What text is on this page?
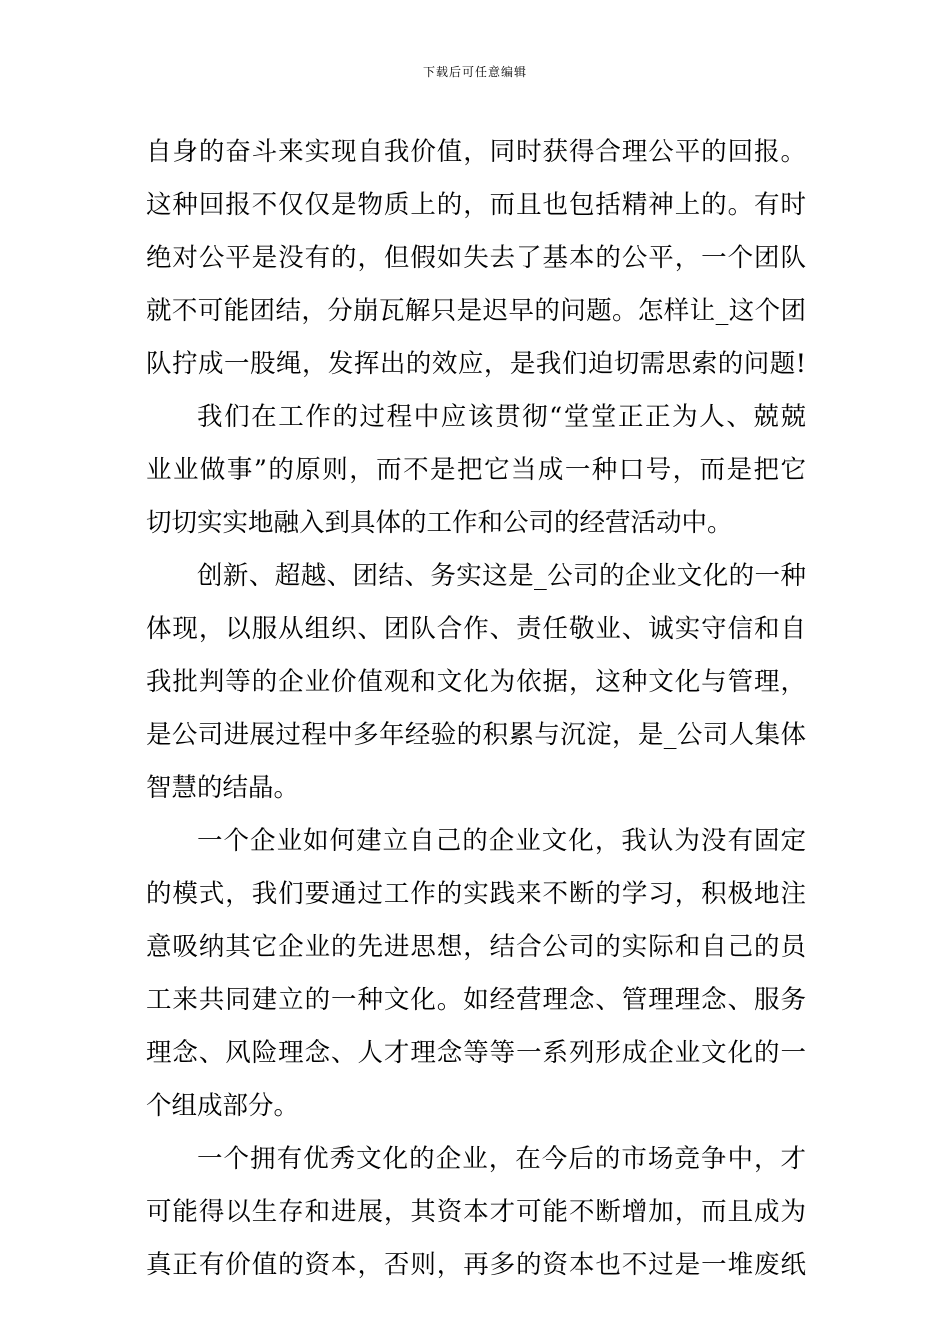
下载后可任意编辑
自身的奋斗来实现自我价值，同时获得合理公平的回报。
这种回报不仅仅是物质上的，而且也包括精神上的。有时
绝对公平是没有的，但假如失去了基本的公平，一个团队
就不可能团结，分崩瓦解只是迟早的问题。怎样让_这个团
队拧成一股绳，发挥出的效应，是我们迫切需思索的问题!
我们在工作的过程中应该贯彻“堂堂正正为人、兢兢
业业做事”的原则，而不是把它当成一种口号，而是把它
切切实实地融入到具体的工作和公司的经营活动中。
创新、超越、团结、务实这是_公司的企业文化的一种
体现，以服从组织、团队合作、责任敬业、诚实守信和自
我批判等的企业价值观和文化为依据，这种文化与管理，
是公司进展过程中多年经验的积累与沉淀，是_公司人集体
智慧的结晶。
一个企业如何建立自己的企业文化，我认为没有固定
的模式，我们要通过工作的实践来不断的学习，积极地注
意吸纳其它企业的先进思想，结合公司的实际和自己的员
工来共同建立的一种文化。如经营理念、管理理念、服务
理念、风险理念、人才理念等等一系列形成企业文化的一
个组成部分。
一个拥有优秀文化的企业，在今后的市场竞争中，才
可能得以生存和进展，其资本才可能不断增加，而且成为
真正有价值的资本，否则，再多的资本也不过是一堆废纸
